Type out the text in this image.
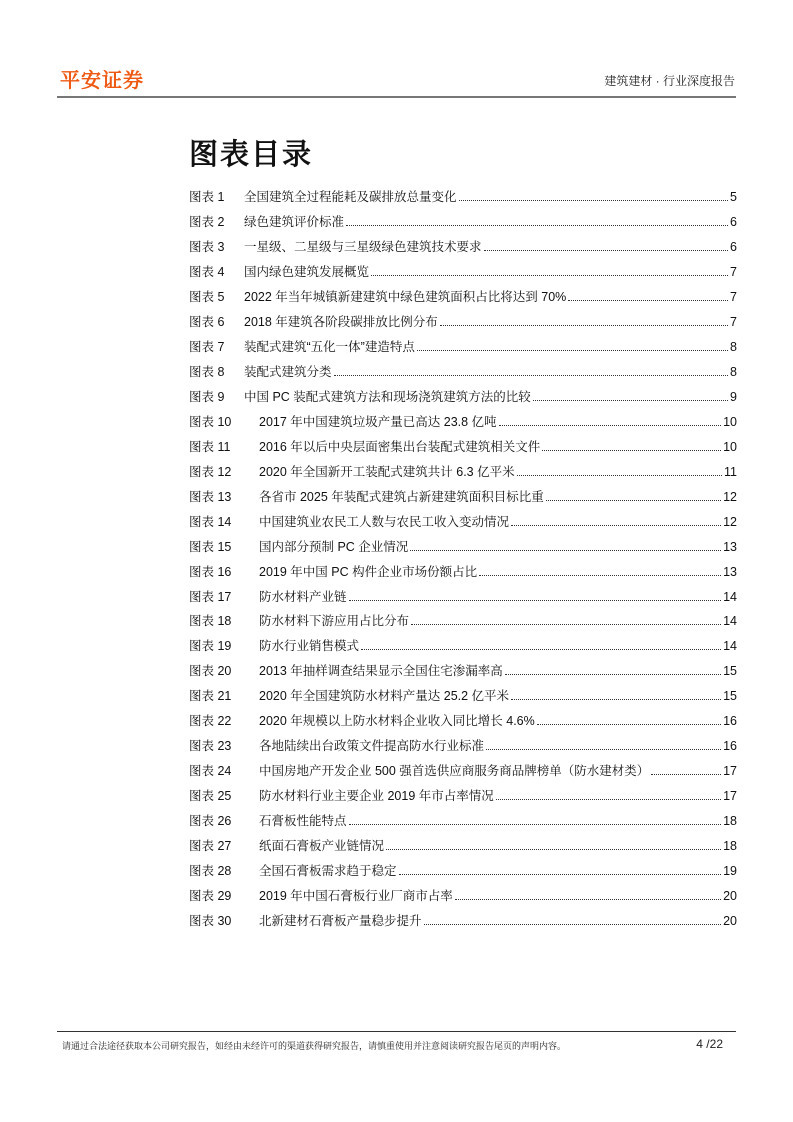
平安证券	建筑建材 · 行业深度报告
图表目录
图表 1	全国建筑全过程能耗及碳排放总量变化	5
图表 2	绿色建筑评价标准	6
图表 3	一星级、二星级与三星级绿色建筑技术要求	6
图表 4	国内绿色建筑发展概览	7
图表 5	2022 年当年城镇新建建筑中绿色建筑面积占比将达到 70%	7
图表 6	2018 年建筑各阶段碳排放比例分布	7
图表 7	装配式建筑“五化一体”建造特点	8
图表 8	装配式建筑分类	8
图表 9	中国 PC 装配式建筑方法和现场浇筑建筑方法的比较	9
图表 10	2017 年中国建筑垃圾产量已高达 23.8 亿吨	10
图表 11	2016 年以后中央层面密集出台装配式建筑相关文件	10
图表 12	2020 年全国新开工装配式建筑共计 6.3 亿平米	11
图表 13	各省市 2025 年装配式建筑占新建建筑面积目标比重	12
图表 14	中国建筑业农民工人数与农民工收入变动情况	12
图表 15	国内部分预制 PC 企业情况	13
图表 16	2019 年中国 PC 构件企业市场份额占比	13
图表 17	防水材料产业链	14
图表 18	防水材料下游应用占比分布	14
图表 19	防水行业销售模式	14
图表 20	2013 年抽样调查结果显示全国住宅渗漏率高	15
图表 21	2020 年全国建筑防水材料产量达 25.2 亿平米	15
图表 22	2020 年规模以上防水材料企业收入同比增长 4.6%	16
图表 23	各地陆续出台政策文件提高防水行业标准	16
图表 24	中国房地产开发企业 500 强首选供应商服务商品牌榜单（防水建材类）	17
图表 25	防水材料行业主要企业 2019 年市占率情况	17
图表 26	石膏板性能特点	18
图表 27	纸面石膏板产业链情况	18
图表 28	全国石膏板需求趋于稳定	19
图表 29	2019 年中国石膏板行业厂商市占率	20
图表 30	北新建材石膏板产量稳步提升	20
请通过合法途径获取本公司研究报告，如经由未经许可的渠道获得研究报告，请慎重使用并注意阅读研究报告尾页的声明内容。	4 /22
